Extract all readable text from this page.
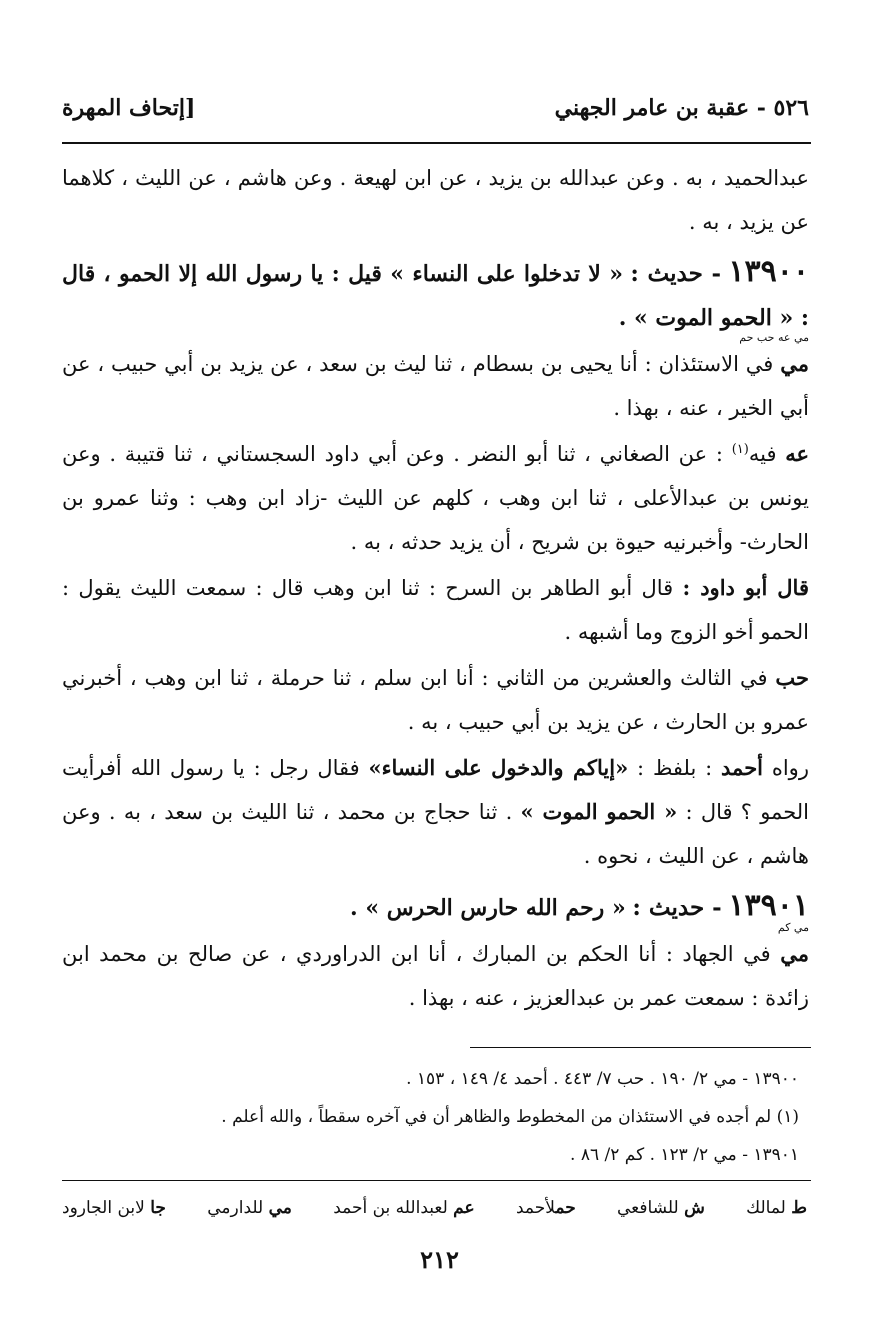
٥٢٦ - عقبة بن عامر الجهني
[إتحاف المهرة

عبدالحميد ، به . وعن عبدالله بن يزيد ، عن ابن لهيعة . وعن هاشم ، عن الليث ، كلاهما عن يزيد ، به .

١٣٩٠٠ - حديث : « لا تدخلوا على النساء » قيل : يا رسول الله إلا الحمو ، قال : « الحمو الموت » .
مي عه حب حم

مي في الاستئذان : أنا يحيى بن بسطام ، ثنا ليث بن سعد ، عن يزيد بن أبي حبيب ، عن أبي الخير ، عنه ، بهذا .

عه فيه$^{(١)}$ : عن الصغاني ، ثنا أبو النضر . وعن أبي داود السجستاني ، ثنا قتيبة . وعن يونس بن عبدالأعلى ، ثنا ابن وهب ، كلهم عن الليث -زاد ابن وهب : وثنا عمرو بن الحارث- وأخبرنيه حيوة بن شريح ، أن يزيد حدثه ، به .

قال أبو داود : قال أبو الطاهر بن السرح : ثنا ابن وهب قال : سمعت الليث يقول : الحمو أخو الزوج وما أشبهه .

حب في الثالث والعشرين من الثاني : أنا ابن سلم ، ثنا حرملة ، ثنا ابن وهب ، أخبرني عمرو بن الحارث ، عن يزيد بن أبي حبيب ، به .

رواه أحمد : بلفظ : «إياكم والدخول على النساء» فقال رجل : يا رسول الله أفرأيت الحمو ؟ قال : « الحمو الموت » . ثنا حجاج بن محمد ، ثنا الليث بن سعد ، به . وعن هاشم ، عن الليث ، نحوه .

١٣٩٠١ - حديث : « رحم الله حارس الحرس » .
مي كم

مي في الجهاد : أنا الحكم بن المبارك ، أنا ابن الدراوردي ، عن صالح بن محمد ابن زائدة : سمعت عمر بن عبدالعزيز ، عنه ، بهذا .

١٣٩٠٠ - مي ٢/ ١٩٠ . حب ٧/ ٤٤٣ . أحمد ٤/ ١٤٩ ، ١٥٣ .

(١) لم أجده في الاستئذان من المخطوط والظاهر أن في آخره سقطاً ، والله أعلم .

١٣٩٠١ - مي ٢/ ١٢٣ . كم ٢/ ٨٦ .

ط لمالك
ش للشافعي
حملأحمد
عم لعبدالله بن أحمد
مي للدارمي
جا لابن الجارود
٢١٢
